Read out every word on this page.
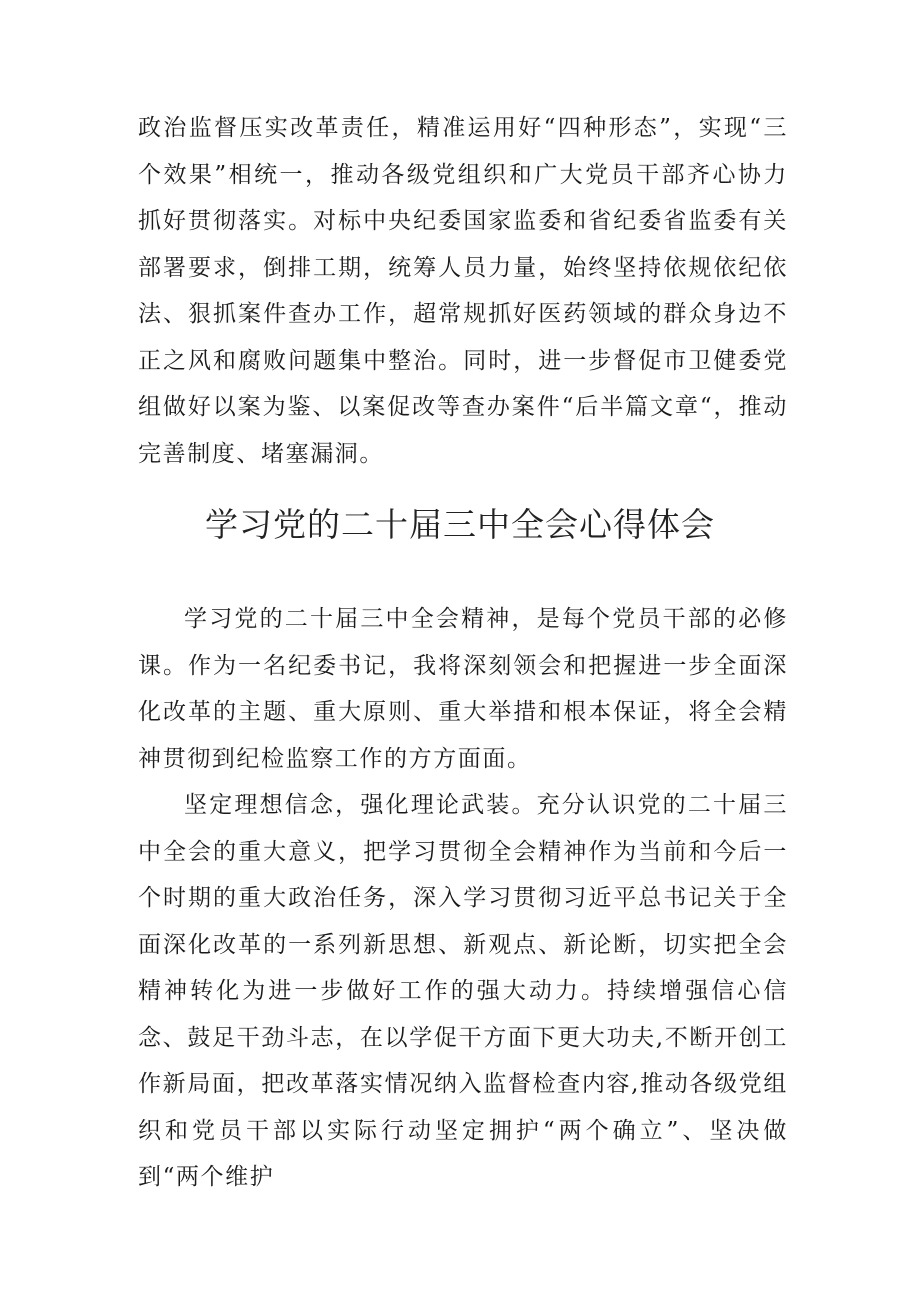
政治监督压实改革责任，精准运用好“四种形态”，实现“三个效果”相统一，推动各级党组织和广大党员干部齐心协力抓好贯彻落实。对标中央纪委国家监委和省纪委省监委有关部署要求，倒排工期，统筹人员力量，始终坚持依规依纪依法、狠抓案件查办工作，超常规抓好医药领域的群众身边不正之风和腐败问题集中整治。同时，进一步督促市卫健委党组做好以案为鉴、以案促改等查办案件“后半篇文章“，推动完善制度、堵塞漏洞。

学习党的二十届三中全会心得体会

学习党的二十届三中全会精神，是每个党员干部的必修课。作为一名纪委书记，我将深刻领会和把握进一步全面深化改革的主题、重大原则、重大举措和根本保证，将全会精神贯彻到纪检监察工作的方方面面。

坚定理想信念，强化理论武装。充分认识党的二十届三中全会的重大意义，把学习贯彻全会精神作为当前和今后一个时期的重大政治任务，深入学习贯彻习近平总书记关于全面深化改革的一系列新思想、新观点、新论断，切实把全会精神转化为进一步做好工作的强大动力。持续增强信心信念、鼓足干劲斗志，在以学促干方面下更大功夫,不断开创工作新局面，把改革落实情况纳入监督检查内容,推动各级党组织和党员干部以实际行动坚定拥护“两个确立”、坚决做到“两个维护
